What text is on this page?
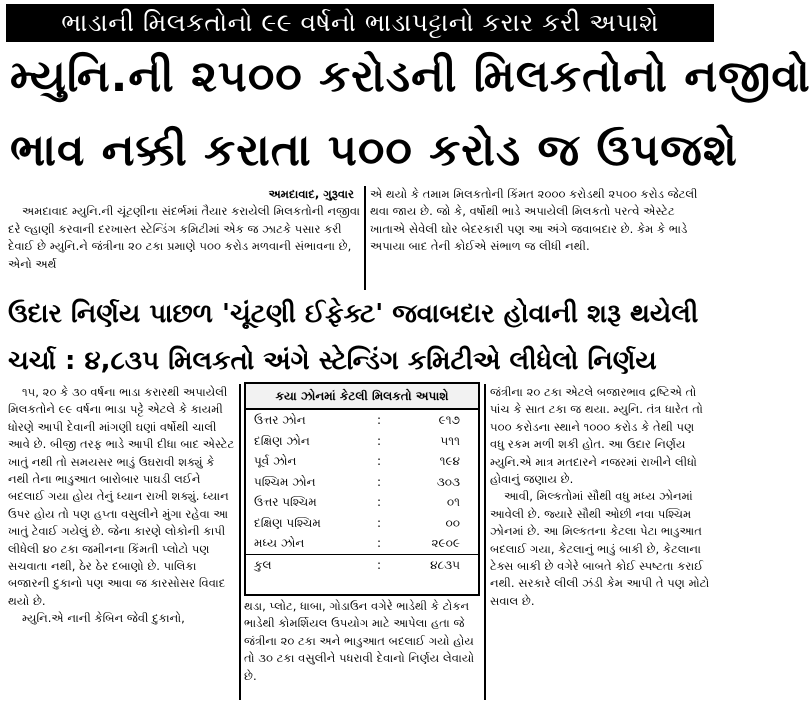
ભાડાની મિલકતોનો ૯૯ વર્ષનો ભાડાપટ્ટાનો કરાર કરી અપાશે
મ્યુનિ.ની ૨૫૦૦ કરોડની મિલકતોનો નજીવો
ભાવ નક્કી કરાતા ૫૦૦ કરોડ જ ઉપજશે

અમદાવાદ, ગુરૂવાર

અમદાવાદ મ્યુનિ.ની ચૂંટણીના સંદર્ભમાં તૈયાર કરાયેલી મિલકતોની નજીવા દરે લ્હાણી કરવાની દરખાસ્ત સ્ટેન્ડિંગ કમિટીમાં એક જ ઝાટકે પસાર કરી દેવાઈ છે મ્યુનિ.ને જંત્રીના ૨૦ ટકા પ્રમાણે ૫૦૦ કરોડ મળવાની સંભાવના છે, એનો અર્થ

એ થયો કે તમામ મિલકતોની કિંમત ૨૦૦૦ કરોડથી ૨૫૦૦ કરોડ જેટલી થવા જાય છે. જો કે, વર્ષોથી ભાડે અપાયેલી મિલકતો પરત્વે એસ્ટેટ ખાતાએ સેવેલી ઘોર બેદરકારી પણ આ અંગે જવાબદાર છે. કેમ કે ભાડે અપાયા બાદ તેની કોઈએ સંભાળ જ લીધી નથી.

ઉદાર નિર્ણય પાછળ 'ચૂંટણી ઈફેક્ટ' જવાબદાર હોવાની શરૂ થયેલી
ચર્ચા : ૪,૮૩૫ મિલકતો અંગે સ્ટેન્ડિંગ કમિટીએ લીધેલો નિર્ણય

૧૫, ૨૦ કે ૩૦ વર્ષના ભાડા કરારથી અપાયેલી મિલકતોને ૯૯ વર્ષના ભાડા પટ્ટે એટલે કે કાયમી ધોરણે આપી દેવાની માંગણી ઘણાં વર્ષોથી ચાલી આવે છે. બીજી તરફ ભાડે આપી દીધા બાદ એસ્ટેટ ખાતું નથી તો સમયસર ભાડું ઉઘરાવી શક્યું કે નથી તેના ભાડુઆત બારોબાર પાઘડી લઈને બદલાઈ ગયા હોય તેનું ધ્યાન રાખી શક્યું. ધ્યાન ઉપર હોય તો પણ હપ્તા વસુલીને મુંગા રહેવા આ ખાતું ટેવાઈ ગયેલું છે. જેના કારણે લોકોની કાપી લીધેલી ૪૦ ટકા જમીનના કિંમતી પ્લોટો પણ સચવાતા નથી, ઠેર ઠેર દબાણો છે. પાલિકા બજારની દુકાનો પણ આવા જ કારસોસર વિવાદ થયો છે.

મ્યુનિ.એ નાની કેબિન જેવી દુકાનો,

કયા ઝોનમાં કેટલી મિલકતો અપાશે
ઉત્તર ઝોન	:	૯૧૭
દક્ષિણ ઝોન	:	૫૧૧
પૂર્વ ઝોન	:	૧૯૪
પશ્ચિમ ઝોન	:	૩૦૩
ઉત્તર પશ્ચિમ	:	૦૧
દક્ષિણ પશ્ચિમ	:	૦૦
મધ્ય ઝોન	:	૨૯૦૯
કુલ	:	૪૮૩૫

થડા, પ્લોટ, ધાબા, ગોડાઉન વગેરે ભાડેથી કે ટોકન ભાડેથી કોમર્શિયલ ઉપયોગ માટે આપેલા હતા જે જંત્રીના ૨૦ ટકા અને ભાડુઆત બદલાઈ ગયો હોય તો ૩૦ ટકા વસુલીને પધરાવી દેવાનો નિર્ણય લેવાયો છે.

જંત્રીના ૨૦ ટકા એટલે બજારભાવ દ્રષ્ટિએ તો પાંચ કે સાત ટકા જ થયા. મ્યુનિ. તંત્ર ધારેત તો ૫૦૦ કરોડના સ્થાને ૧૦૦૦ કરોડ કે તેથી પણ વધુ રકમ મળી શકી હોત. આ ઉદાર નિર્ણય મ્યુનિ.એ માત્ર મતદારને નજરમાં રાખીને લીધો હોવાનું જણાય છે.

આવી, મિલ્કતોમાં સૌથી વધુ મધ્ય ઝોનમાં આવેલી છે. જ્યારે સૌથી ઓછી નવા પશ્ચિમ ઝોનમાં છે. આ મિલ્કતના કેટલા પેટા ભાડુઆત બદલાઈ ગયા, કેટલાનું ભાડું બાકી છે, કેટલાના ટેક્સ બાકી છે વગેરે બાબતે કોઈ સ્પષ્ટતા કરાઈ નથી. સરકારે લીલી ઝંડી કેમ આપી તે પણ મોટો સવાલ છે.
